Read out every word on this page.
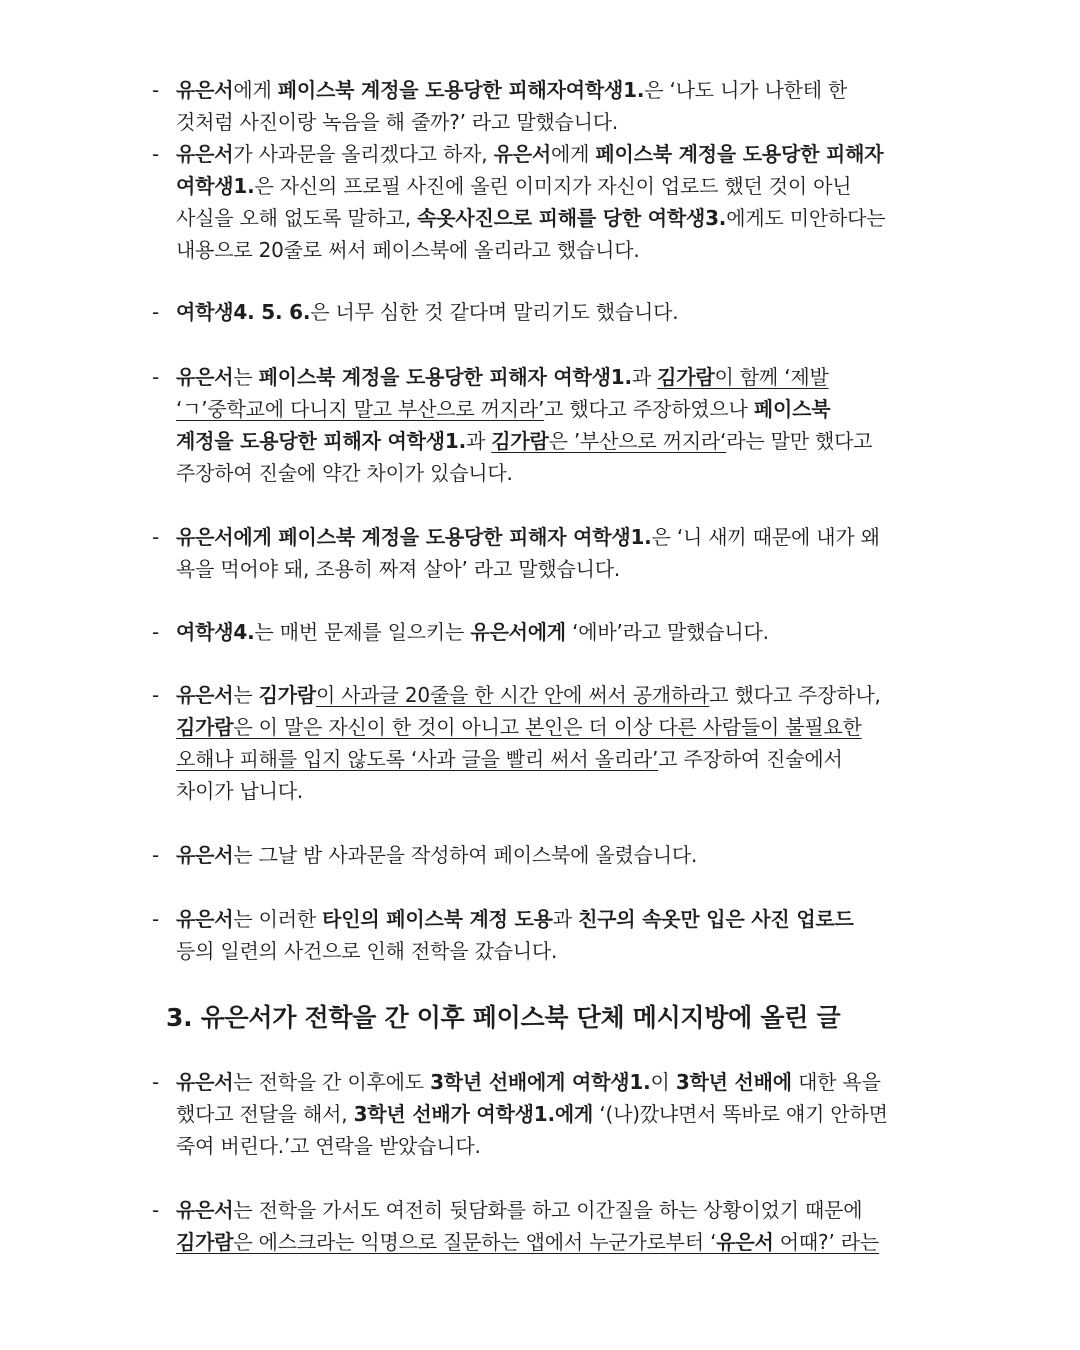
- 유은서에게 페이스북 계정을 도용당한 피해자여학생1.은 ‘나도 니가 나한테 한
것처럼 사진이랑 녹음을 해 줄까?’ 라고 말했습니다.
- 유은서가 사과문을 올리겠다고 하자, 유은서에게 페이스북 계정을 도용당한 피해자
여학생1.은 자신의 프로필 사진에 올린 이미지가 자신이 업로드 했던 것이 아닌
사실을 오해 없도록 말하고, 속옷사진으로 피해를 당한 여학생3.에게도 미안하다는
내용으로 20줄로 써서 페이스북에 올리라고 했습니다.
- 여학생4. 5. 6.은 너무 심한 것 같다며 말리기도 했습니다.
- 유은서는 페이스북 계정을 도용당한 피해자 여학생1.과 김가람이 함께 ‘제발
‘ㄱ’중학교에 다니지 말고 부산으로 꺼지라’고 했다고 주장하였으나 페이스북
계정을 도용당한 피해자 여학생1.과 김가람은 ’부산으로 꺼지라‘라는 말만 했다고
주장하여 진술에 약간 차이가 있습니다.
- 유은서에게 페이스북 계정을 도용당한 피해자 여학생1.은 ‘니 새끼 때문에 내가 왜
욕을 먹어야 돼, 조용히 짜져 살아’ 라고 말했습니다.
- 여학생4.는 매번 문제를 일으키는 유은서에게 ‘에바’라고 말했습니다.
- 유은서는 김가람이 사과글 20줄을 한 시간 안에 써서 공개하라고 했다고 주장하나,
김가람은 이 말은 자신이 한 것이 아니고 본인은 더 이상 다른 사람들이 불필요한
오해나 피해를 입지 않도록 ‘사과 글을 빨리 써서 올리라’고 주장하여 진술에서
차이가 납니다.
- 유은서는 그날 밤 사과문을 작성하여 페이스북에 올렸습니다.
- 유은서는 이러한 타인의 페이스북 계정 도용과 친구의 속옷만 입은 사진 업로드
등의 일련의 사건으로 인해 전학을 갔습니다.
3. 유은서가 전학을 간 이후 페이스북 단체 메시지방에 올린 글
- 유은서는 전학을 간 이후에도 3학년 선배에게 여학생1.이 3학년 선배에 대한 욕을
했다고 전달을 해서, 3학년 선배가 여학생1.에게 ‘(나)깠냐면서 똑바로 얘기 안하면
죽여 버린다.’고 연락을 받았습니다.
- 유은서는 전학을 가서도 여전히 뒷담화를 하고 이간질을 하는 상황이었기 때문에
김가람은 에스크라는 익명으로 질문하는 앱에서 누군가로부터 ‘유은서 어때?’ 라는
